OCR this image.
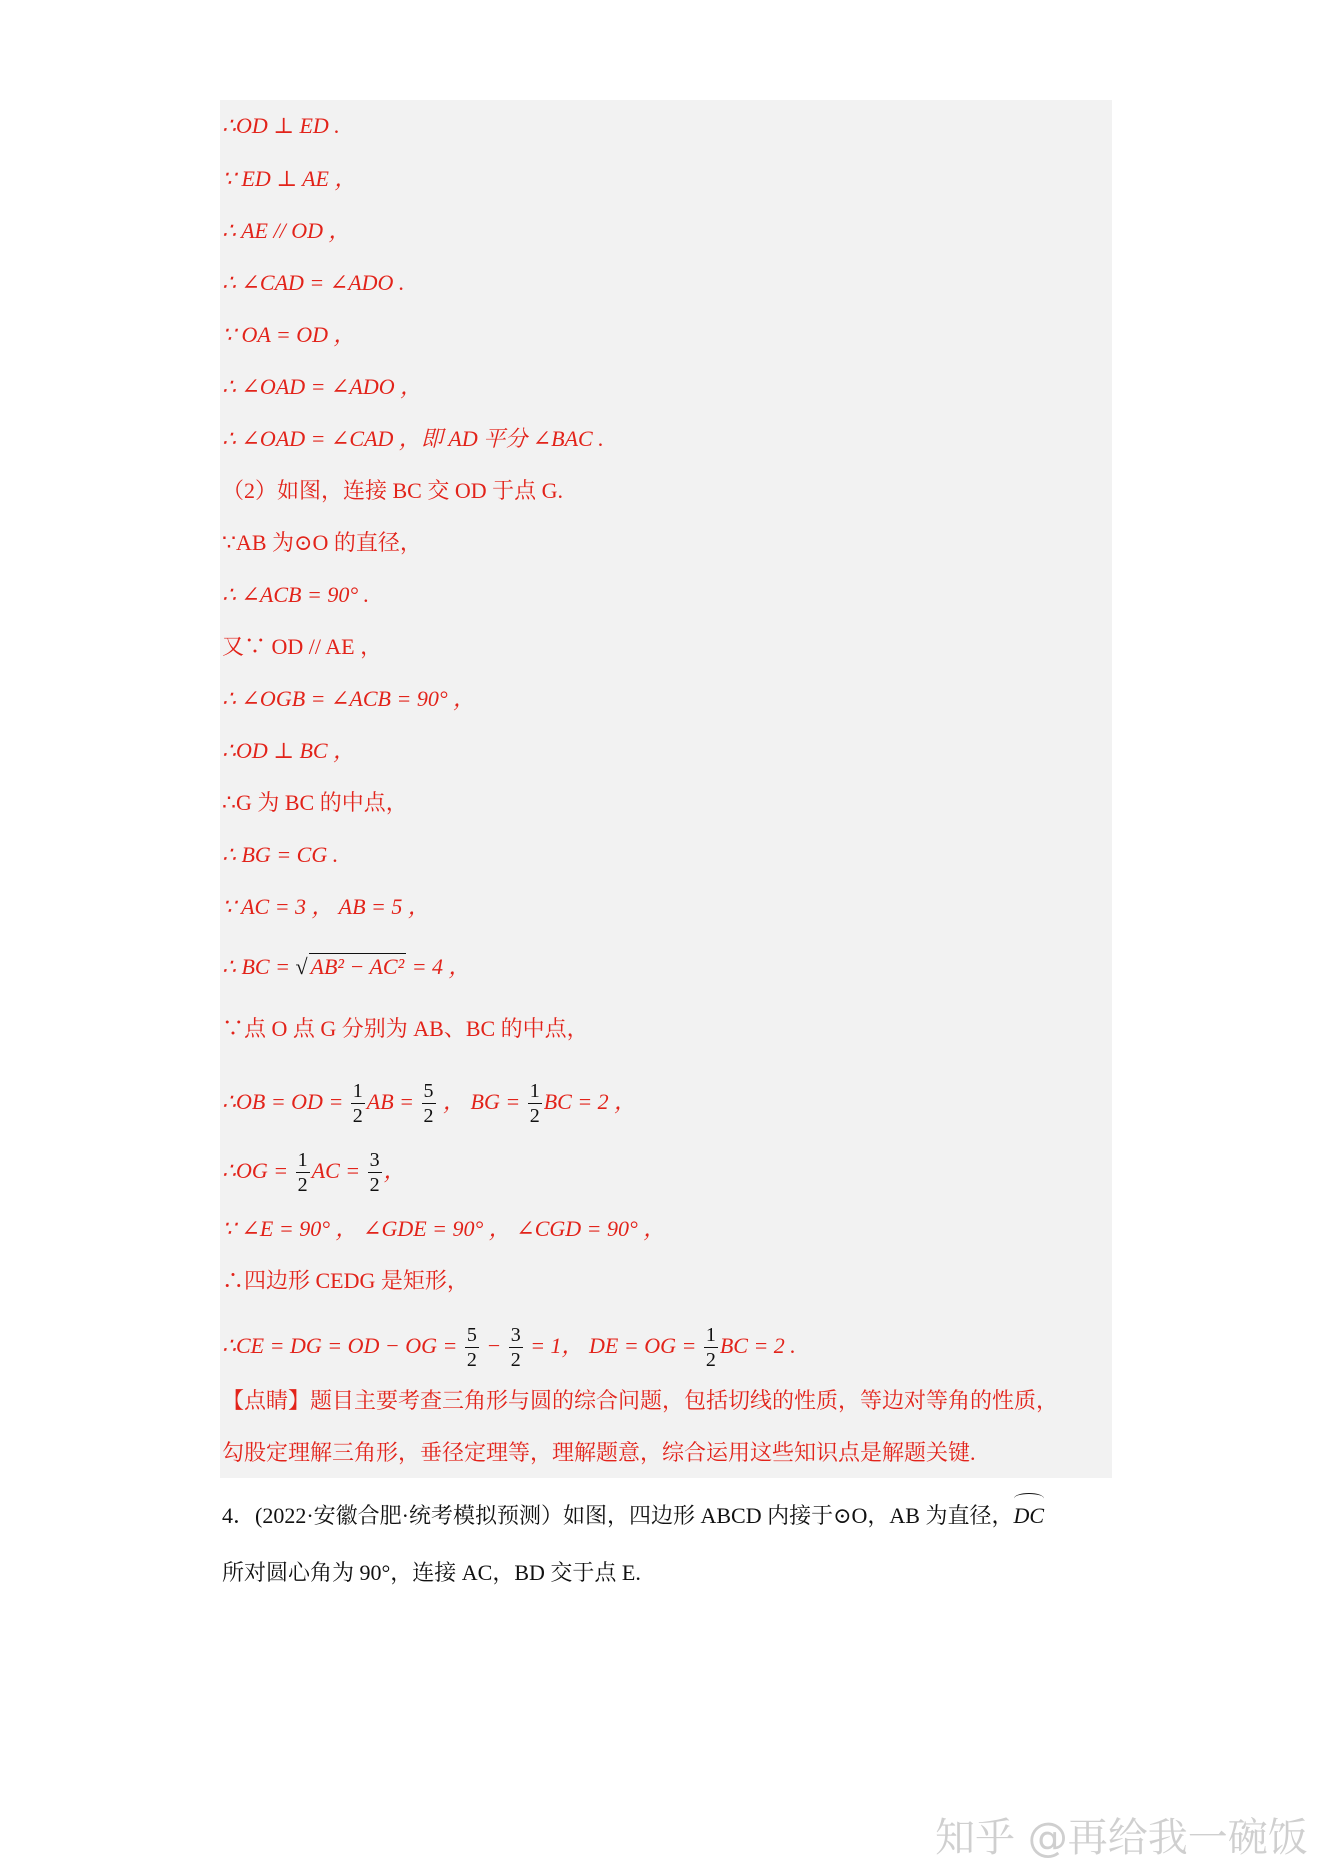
∴OD ⊥ ED .
∵ ED ⊥ AE ，
∴ AE // OD ，
∴ ∠CAD = ∠ADO .
∵ OA = OD ，
∴ ∠OAD = ∠ADO ，
∴ ∠OAD = ∠CAD ，即 AD 平分 ∠BAC .
（2）如图，连接 BC 交 OD 于点 G.
∵AB 为⊙O 的直径，
∴ ∠ACB = 90° .
又∵ OD // AE ，
∴ ∠OGB = ∠ACB = 90° ，
∴OD ⊥ BC ，
∴G 为 BC 的中点，
∴ BG = CG .
∵ AC = 3 ， AB = 5 ，
∴ BC = √ AB² − AC² = 4 ，
∵点 O 点 G 分别为 AB、BC 的中点，
∴OB = OD = $\frac{1}{2}$ AB = $\frac{5}{2}$ ， BG = $\frac{1}{2}$ BC = 2 ，
∴OG = $\frac{1}{2}$ AC = $\frac{3}{2}$ ，
∵ ∠E = 90° ， ∠GDE = 90° ， ∠CGD = 90° ，
∴四边形 CEDG 是矩形，
∴CE = DG = OD − OG = $\frac{5}{2} - \frac{3}{2} = 1$， DE = OG = $\frac{1}{2}$ BC = 2 .
【点睛】题目主要考查三角形与圆的综合问题，包括切线的性质，等边对等角的性质，
勾股定理解三角形，垂径定理等，理解题意，综合运用这些知识点是解题关键.
4．(2022·安徽合肥·统考模拟预测）如图，四边形 ABCD 内接于⊙O，AB 为直径，DC
所对圆心角为 90°，连接 AC，BD 交于点 E.
知乎 @再给我一碗饭
